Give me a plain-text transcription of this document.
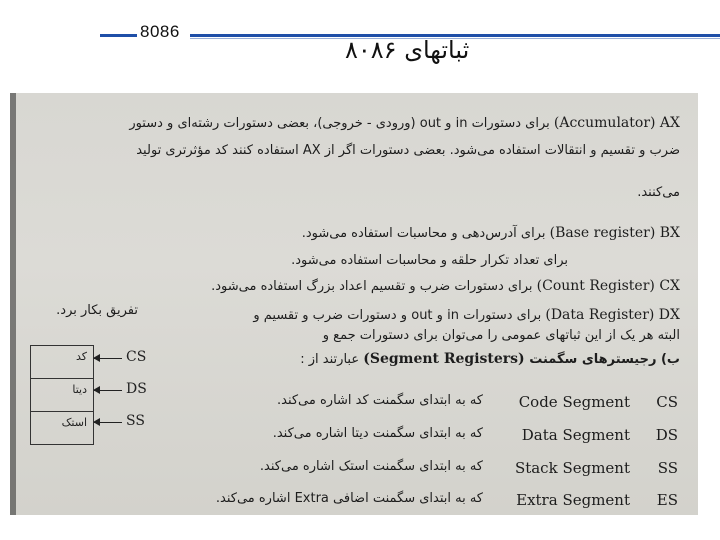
8086
ثباتهای ۸۰۸۶
(Accumulator) AX برای دستورات in و out (ورودی - خروجی)، بعضی دستورات رشته‌ای و دستور
ضرب و تقسیم و انتقالات استفاده می‌شود. بعضی دستورات اگر از AX استفاده کنند کد مؤثرتری تولید
می‌کنند.
(Base register) BX برای آدرس‌دهی و محاسبات استفاده می‌شود.
برای تعداد تکرار حلقه و محاسبات استفاده می‌شود.
(Count Register) CX برای دستورات ضرب و تقسیم اعداد بزرگ استفاده می‌شود.
(Data Register) DX برای دستورات in و out و دستورات ضرب و تقسیم و
تفریق بکار برد.
البته هر یک از این ثباتهای عمومی را می‌توان برای دستورات جمع و
ب) رجیسترهای سگمنت (Segment Registers) عبارتند از :
که به ابتدای سگمنت کد اشاره می‌کند. Code Segment CS
که به ابتدای سگمنت دیتا اشاره می‌کند.	Data Segment DS
که به ابتدای سگمنت استک اشاره می‌کند. Stack Segment SS
که به ابتدای سگمنت اضافی Extra اشاره می‌کند. Extra Segment ES
کد
دیتا
استک
CS
DS
SS
